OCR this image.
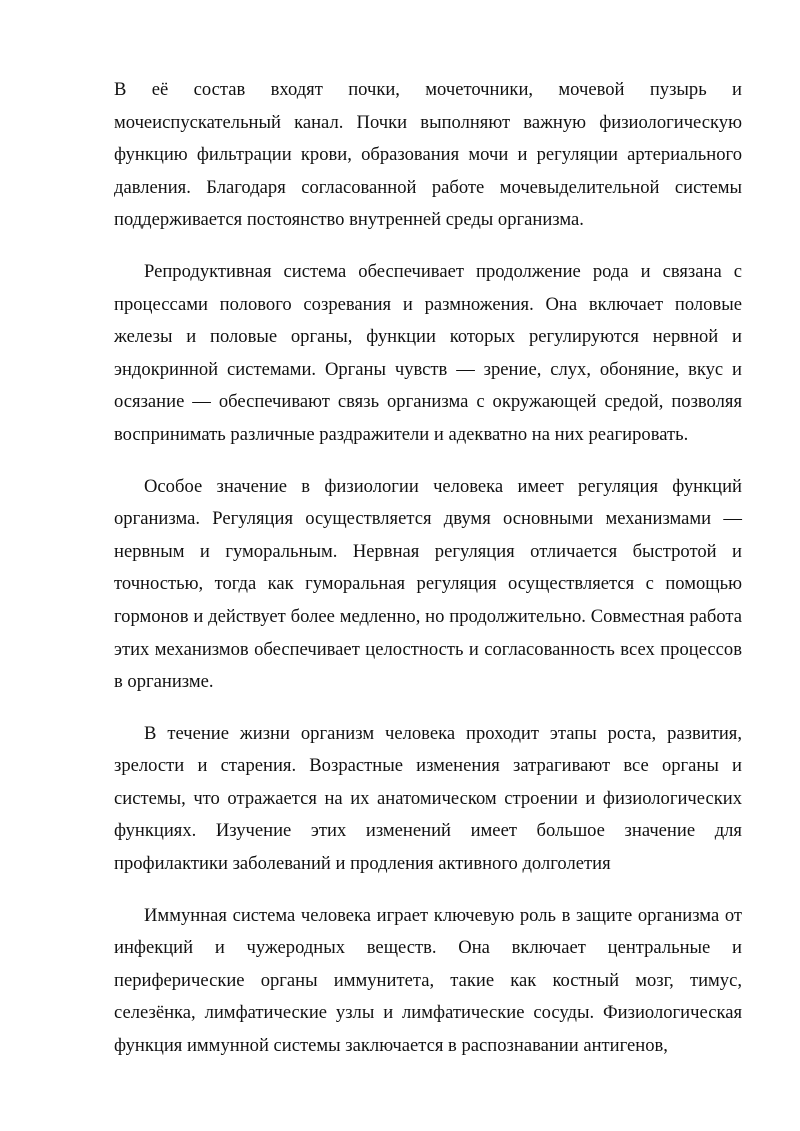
В её состав входят почки, мочеточники, мочевой пузырь и мочеиспускательный канал. Почки выполняют важную физиологическую функцию фильтрации крови, образования мочи и регуляции артериального давления. Благодаря согласованной работе мочевыделительной системы поддерживается постоянство внутренней среды организма.

Репродуктивная система обеспечивает продолжение рода и связана с процессами полового созревания и размножения. Она включает половые железы и половые органы, функции которых регулируются нервной и эндокринной системами. Органы чувств — зрение, слух, обоняние, вкус и осязание — обеспечивают связь организма с окружающей средой, позволяя воспринимать различные раздражители и адекватно на них реагировать.

Особое значение в физиологии человека имеет регуляция функций организма. Регуляция осуществляется двумя основными механизмами — нервным и гуморальным. Нервная регуляция отличается быстротой и точностью, тогда как гуморальная регуляция осуществляется с помощью гормонов и действует более медленно, но продолжительно. Совместная работа этих механизмов обеспечивает целостность и согласованность всех процессов в организме.

В течение жизни организм человека проходит этапы роста, развития, зрелости и старения. Возрастные изменения затрагивают все органы и системы, что отражается на их анатомическом строении и физиологических функциях. Изучение этих изменений имеет большое значение для профилактики заболеваний и продления активного долголетия

Иммунная система человека играет ключевую роль в защите организма от инфекций и чужеродных веществ. Она включает центральные и периферические органы иммунитета, такие как костный мозг, тимус, селезёнка, лимфатические узлы и лимфатические сосуды. Физиологическая функция иммунной системы заключается в распознавании антигенов,
